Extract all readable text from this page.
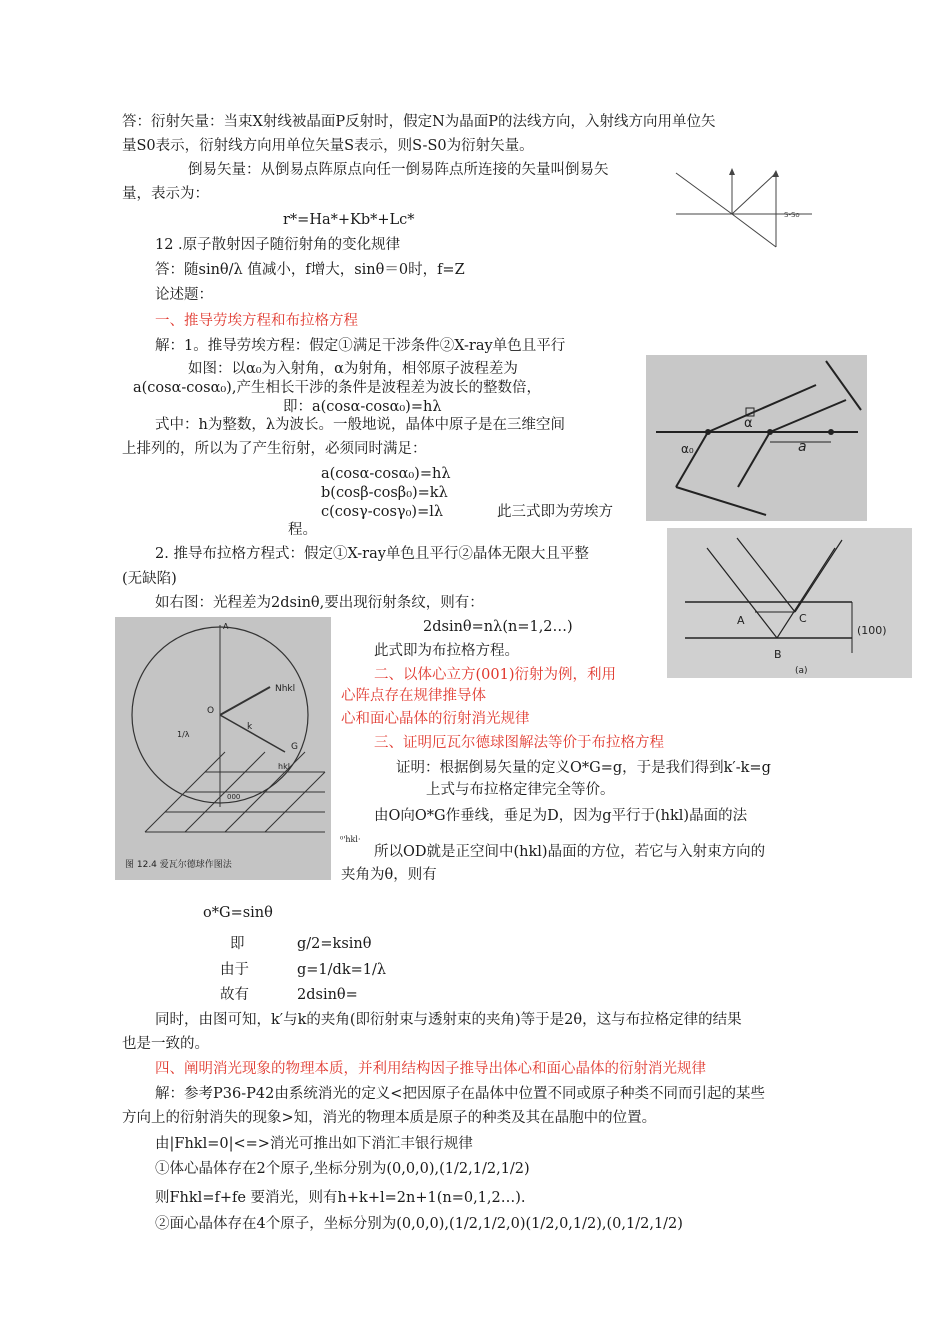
答：衍射矢量：当束X射线被晶面P反射时，假定N为晶面P的法线方向，入射线方向用单位矢
量S0表示，衍射线方向用单位矢量S表示，则S-S0为衍射矢量。
倒易矢量：从倒易点阵原点向任一倒易阵点所连接的矢量叫倒易矢
量，表示为：
r*=Ha*+Kb*+Lc*
12 .原子散射因子随衍射角的变化规律
答：随sinθ/λ 值减小，f增大，sinθ＝0时，f=Z
论述题：
一、推导劳埃方程和布拉格方程
解：1。推导劳埃方程：假定①满足干涉条件②X-ray单色且平行
如图：以α₀为入射角，α为射角，相邻原子波程差为
a(cosα-cosα₀),产生相长干涉的条件是波程差为波长的整数倍，
即：a(cosα-cosα₀)=hλ
式中：h为整数，λ为波长。一般地说，晶体中原子是在三维空间
上排列的，所以为了产生衍射，必须同时满足：
a(cosα-cosα₀)=hλ
b(cosβ-cosβ₀)=kλ
c(cosγ-cosγ₀)=lλ	此三式即为劳埃方
程。
2. 推导布拉格方程式：假定①X-ray单色且平行②晶体无限大且平整
(无缺陷)
如右图：光程差为2dsinθ,要出现衍射条纹，则有：
2dsinθ=nλ(n=1,2…)
此式即为布拉格方程。
二、以体心立方(001)衍射为例，利用
心阵点存在规律推导体
心和面心晶体的衍射消光规律
三、证明厄瓦尔德球图解法等价于布拉格方程
证明：根据倒易矢量的定义O*G=g，于是我们得到k′-k=g
上式与布拉格定律完全等价。
由O向O*G作垂线，垂足为D，因为g平行于(hkl)晶面的法
⁰'hkl·
所以OD就是正空间中(hkl)晶面的方位，若它与入射束方向的
夹角为θ，则有
o*G=sinθ
即	g/2=ksinθ
由于	g=1/dk=1/λ
故有	2dsinθ=
同时，由图可知，k′与k的夹角(即衍射束与透射束的夹角)等于是2θ，这与布拉格定律的结果
也是一致的。
四、阐明消光现象的物理本质，并利用结构因子推导出体心和面心晶体的衍射消光规律
解：参考P36-P42由系统消光的定义<把因原子在晶体中位置不同或原子种类不同而引起的某些
方向上的衍射消失的现象>知，消光的物理本质是原子的种类及其在晶胞中的位置。
由|Fhkl=0|<=>消光可推出如下消汇丰银行规律
①体心晶体存在2个原子,坐标分别为(0,0,0),(1/2,1/2,1/2)
则Fhkl=f+fe 要消光，则有h+k+l=2n+1(n=0,1,2…).
②面心晶体存在4个原子，坐标分别为(0,0,0),(1/2,1/2,0)(1/2,0,1/2),(0,1/2,1/2)
S-So
α
α₀	a
A
B
C
(100)
(a)
Nhkl
O
A
G
hkl
000
k
1/λ
图 12.4 爱瓦尔德球作图法
